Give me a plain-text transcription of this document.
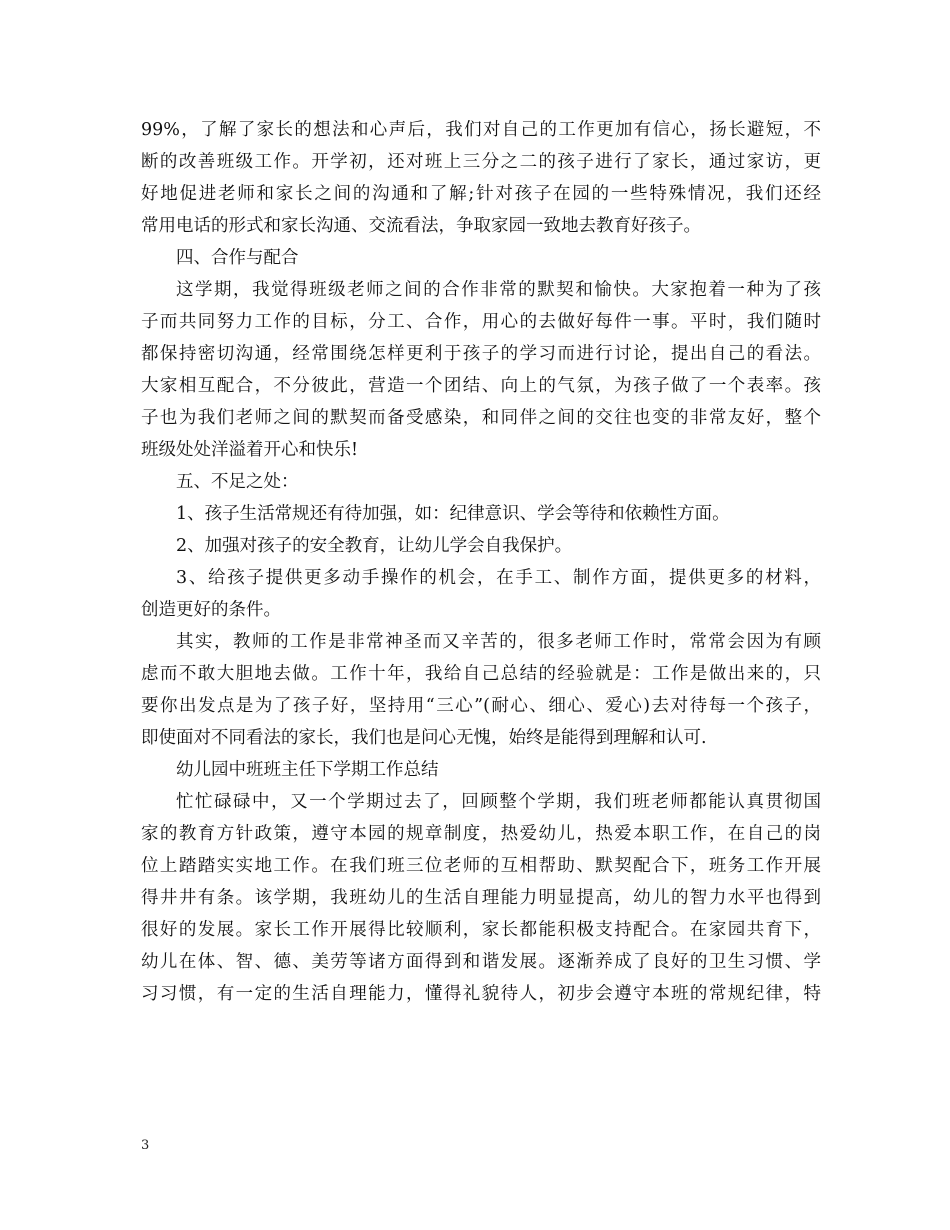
99%，了解了家长的想法和心声后，我们对自己的工作更加有信心，扬长避短，不
断的改善班级工作。开学初，还对班上三分之二的孩子进行了家长，通过家访，更
好地促进老师和家长之间的沟通和了解;针对孩子在园的一些特殊情况，我们还经
常用电话的形式和家长沟通、交流看法，争取家园一致地去教育好孩子。
四、合作与配合
这学期，我觉得班级老师之间的合作非常的默契和愉快。大家抱着一种为了孩
子而共同努力工作的目标，分工、合作，用心的去做好每件一事。平时，我们随时
都保持密切沟通，经常围绕怎样更利于孩子的学习而进行讨论，提出自己的看法。
大家相互配合，不分彼此，营造一个团结、向上的气氛，为孩子做了一个表率。孩
子也为我们老师之间的默契而备受感染，和同伴之间的交往也变的非常友好，整个
班级处处洋溢着开心和快乐!
五、不足之处：
1、孩子生活常规还有待加强，如：纪律意识、学会等待和依赖性方面。
2、加强对孩子的安全教育，让幼儿学会自我保护。
3、给孩子提供更多动手操作的机会，在手工、制作方面，提供更多的材料，
创造更好的条件。
其实，教师的工作是非常神圣而又辛苦的，很多老师工作时，常常会因为有顾
虑而不敢大胆地去做。工作十年，我给自己总结的经验就是：工作是做出来的，只
要你出发点是为了孩子好，坚持用“三心”(耐心、细心、爱心)去对待每一个孩子，
即使面对不同看法的家长，我们也是问心无愧，始终是能得到理解和认可.
幼儿园中班班主任下学期工作总结
忙忙碌碌中，又一个学期过去了，回顾整个学期，我们班老师都能认真贯彻国
家的教育方针政策，遵守本园的规章制度，热爱幼儿，热爱本职工作，在自己的岗
位上踏踏实实地工作。在我们班三位老师的互相帮助、默契配合下，班务工作开展
得井井有条。该学期，我班幼儿的生活自理能力明显提高，幼儿的智力水平也得到
很好的发展。家长工作开展得比较顺利，家长都能积极支持配合。在家园共育下，
幼儿在体、智、德、美劳等诸方面得到和谐发展。逐渐养成了良好的卫生习惯、学
习习惯，有一定的生活自理能力，懂得礼貌待人，初步会遵守本班的常规纪律，特
3
